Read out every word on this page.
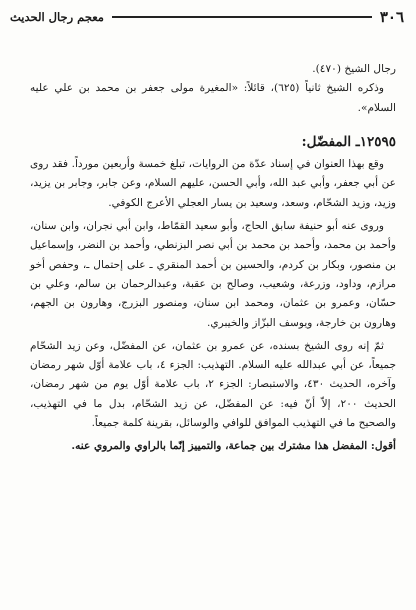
٣٠٦
معجم رجال الحديث

رجال الشيخ (٤٧٠).

وذكره الشيخ ثانياً (٦٢٥)، قائلاً: «المغيرة مولى جعفر بن محمد بن علي عليه السلام».

١٢٥٩٥ـ المفضّل:

وقع بهذا العنوان في إسناد عدّة من الروايات، تبلغ خمسة وأربعين مورداً. فقد روى عن أبي جعفر، وأبي عبد الله، وأبي الحسن، عليهم السلام، وعن جابر، وجابر بن يزيد، وزيد، وزيد الشحّام، وسعد، وسعيد بن يسار العجلي الأعرج الكوفي.

وروى عنه أبو حنيفة سابق الحاج، وأبو سعيد القمّاط، وابن أبي نجران، وابن سنان، وأحمد بن محمد، وأحمد بن محمد بن أبي نصر البزنطي، وأحمد بن النضر، وإسماعيل بن منصور، وبكار بن كردم، والحسين بن أحمد المنقري ـ على إحتمال ـ، وحفص أخو مرازم، وداود، وزرعة، وشعيب، وصالح بن عقبة، وعبدالرحمان بن سالم، وعلي بن حسّان، وعمرو بن عثمان، ومحمد ابن سنان، ومنصور البزرج، وهارون بن الجهم، وهارون بن خارجة، ويوسف البزّاز والخيبري.

ثمّ إنه روى الشيخ بسنده، عن عمرو بن عثمان، عن المفضّل، وعن زيد الشحّام جميعاً، عن أبي عبدالله عليه السلام. التهذيب: الجزء ٤، باب علامة أوّل شهر رمضان وآخره، الحديث ٤٣٠، والاستبصار: الجزء ٢، باب علامة أوّل يوم من شهر رمضان، الحديث ٢٠٠، إلاّ أنّ فيه: عن المفضّل، عن زيد الشحّام، بدل ما في التهذيب، والصحيح ما في التهذيب الموافق للوافي والوسائل، بقرينة كلمة جميعاً.

أقول: المفضل هذا مشترك بين جماعة، والتمييز إنّما بالراوي والمروي عنه.
